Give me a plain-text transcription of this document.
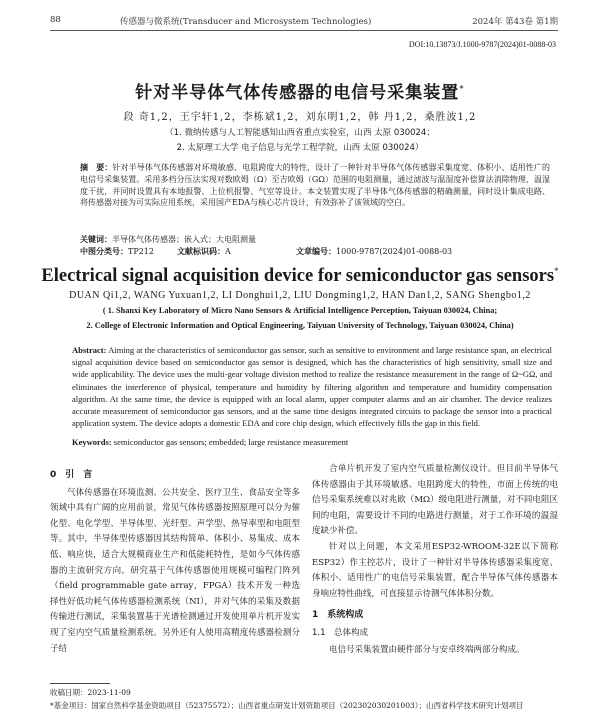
88	传感器与微系统(Transducer and Microsystem Technologies)	2024年 第43卷 第1期
DOI:10.13873/J.1000-9787(2024)01-0088-03
针对半导体气体传感器的电信号采集装置*
段 奇1,2，王宇轩1,2，李栋斌1,2，刘东明1,2，韩 丹1,2，桑胜波1,2
（1. 微纳传感与人工智能感知山西省重点实验室，山西 太原 030024；
2. 太原理工大学 电子信息与光学工程学院，山西 太原 030024）
摘　要：针对半导体气体传感器对环境敏感、电阻跨度大的特性，设计了一种针对半导体气体传感器采集度宽、体积小、适用性广的电信号采集装置。采用多档分压法实现对数欧姆（Ω）至吉欧姆（GΩ）范围的电阻测量，通过滤波与温湿度补偿算法消除物理、温湿度干扰，并同时设置具有本地报警、上位机报警、气室等设计。本文装置实现了半导体气体传感器的精确测量，同时设计集成电路、将传感器对接为可实际应用系统，采用国产EDA与核心芯片设计，有效弥补了该领域的空白。
关键词：半导体气体传感器；嵌入式；大电阻测量
中图分类号：TP212	文献标识码：A	文章编号：1000-9787(2024)01-0088-03
Electrical signal acquisition device for semiconductor gas sensors*
DUAN Qi1,2, WANG Yuxuan1,2, LI Donghui1,2, LIU Dongming1,2, HAN Dan1,2, SANG Shengbo1,2
( 1. Shanxi Key Laboratory of Micro Nano Sensors & Artificial Intelligence Perception, Taiyuan 030024, China;
2. College of Electronic Information and Optical Engineering, Taiyuan University of Technology, Taiyuan 030024, China)
Abstract: Aiming at the characteristics of semiconductor gas sensor, such as sensitive to environment and large resistance span, an electrical signal acquisition device based on semiconductor gas sensor is designed, which has the characteristics of high sensitivity, small size and wide applicability. The device uses the multi-gear voltage division method to realize the resistance measurement in the range of Ω~GΩ, and eliminates the interference of physical, temperature and humidity by filtering algorithm and temperature and humidity compensation algorithm. At the same time, the device is equipped with an local alarm, upper computer alarms and an air chamber. The device realizes accurate measurement of semiconductor gas sensors, and at the same time designs integrated circuits to package the sensor into a practical application system. The device adopts a domestic EDA and core chip design, which effectively fills the gap in this field.
Keywords: semiconductor gas sensors; embedded; large resistance measurement
0　引　言
气体传感器在环境监测、公共安全、医疗卫生、食品安全等多领域中具有广阔的应用前景，常见气体传感器按照原理可以分为催化型、电化学型、半导体型、光纤型、声学型、热导率型和电阻型等。其中，半导体型传感器因其结构简单、体积小、易集成、成本低、响应快，适合大规模商业生产和低能耗特性，是如今气体传感器的主流研究方向。研究基于气体传感器使用规模可编程门阵列（field programmable gate array，FPGA）技术开发一种选择性好低功耗气体传感器检测系统（NI），并对气体的采集及数据传输进行测试，采集装置基于光谱检测通过开发使用单片机开发实现了室内空气质量检测系统。另外还有人使用高精度传感器检测分子结
合单片机开发了室内空气质量检测仪设计。但目前半导体气体传感器由于其环境敏感、电阻跨度大的特性，市面上传统的电信号采集系统难以对兆欧（MΩ）级电阻进行测量，对不同电阻区间的电阻，需要设计不同的电路进行测量，对于工作环境的温湿度缺少补偿。
针对以上问题，本文采用ESP32-WROOM-32E以下简称ESP32）作主控芯片，设计了一种针对半导体传感器采集度宽、体积小、适用性广的电信号采集装置，配合半导体气体传感器本身响应特性曲线，可直接显示待测气体体积分数。
1　系统构成
1.1　总体构成
电信号采集装置由硬件部分与安卓终端两部分构成。
收稿日期：2023-11-09
*基金项目：国家自然科学基金资助项目（52375572）；山西省重点研发计划资助项目（202302030201003）；山西省科学技术研究计划项目
